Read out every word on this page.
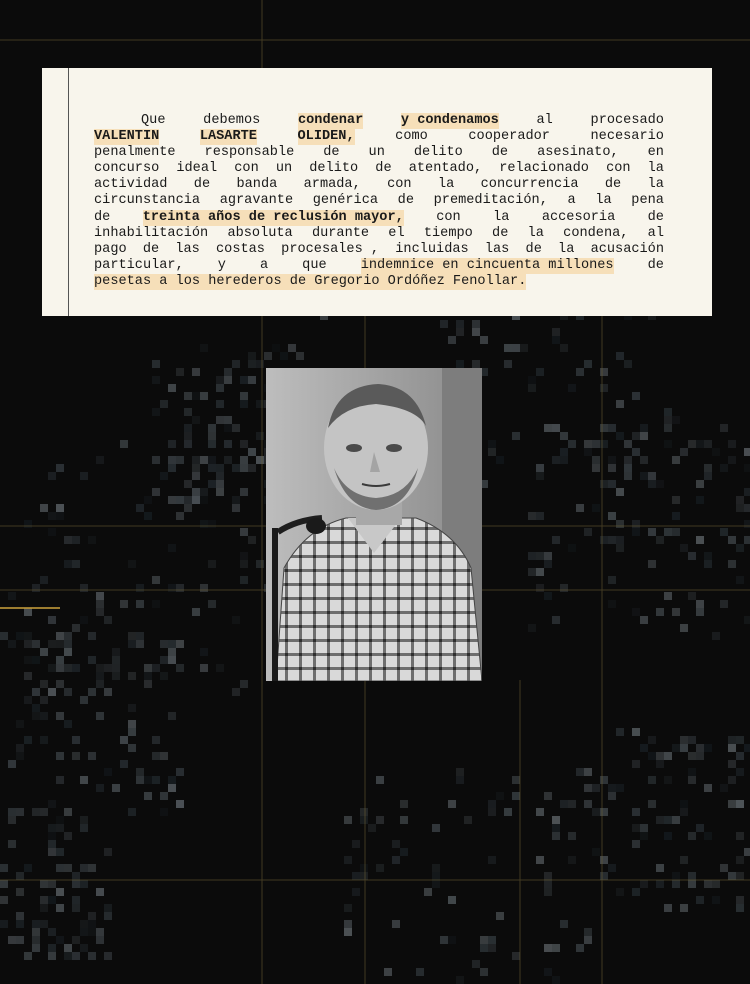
Que	debemos	condenar	y condenamos	al	procesado
VALENTIN	LASARTE	OLIDEN,	como	cooperador	necesario
penalmente responsable de un delito de asesinato, en
concurso ideal con un delito de atentado, relacionado con la
actividad de banda armada, con la concurrencia de la
circunstancia agravante genérica de premeditación, a la pena
de treinta años de reclusión mayor, con la accesoria de
inhabilitación absoluta durante el tiempo de la condena, al
pago de las costas procesales , incluidas las de la acusación
particular,	y	a	que	indemnice en cincuenta millones	de
pesetas a los herederos de Gregorio Ordóñez Fenollar.
